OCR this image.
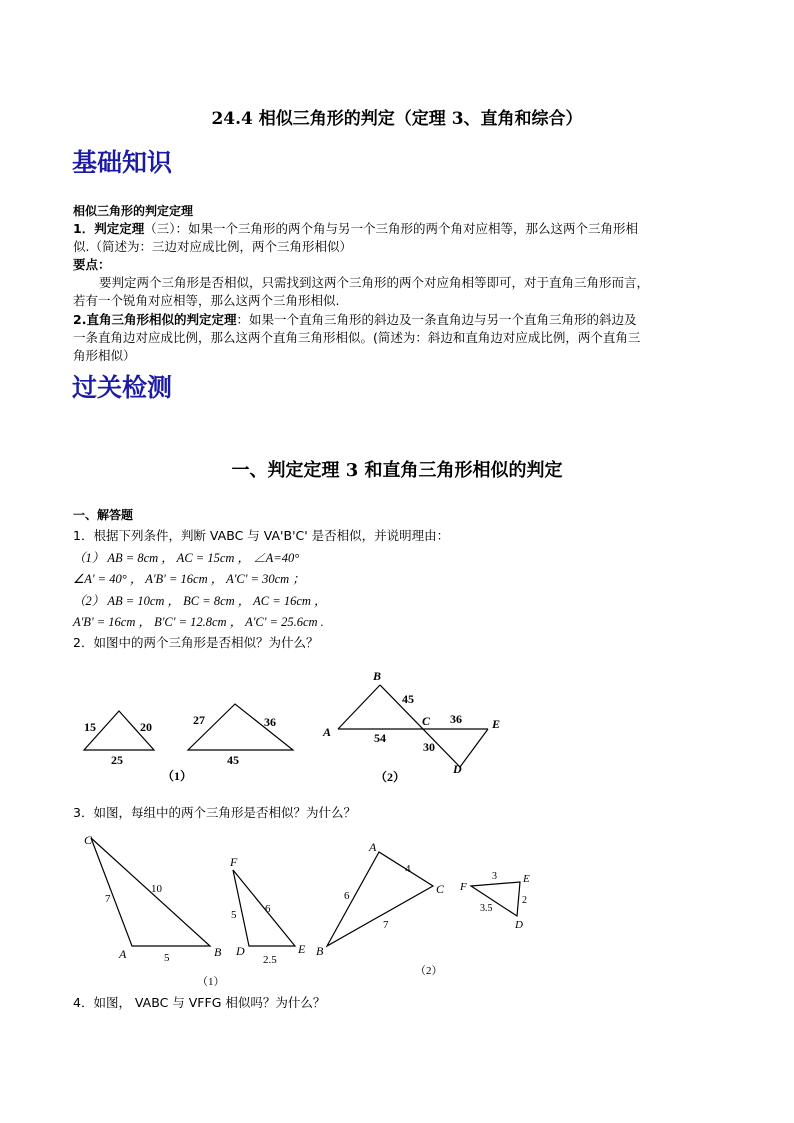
24.4 相似三角形的判定（定理 3、直角和综合）
基础知识
相似三角形的判定定理
1．判定定理（三）：如果一个三角形的两个角与另一个三角形的两个角对应相等，那么这两个三角形相
似.（简述为：三边对应成比例，两个三角形相似）
要点：
要判定两个三角形是否相似，只需找到这两个三角形的两个对应角相等即可，对于直角三角形而言，
若有一个锐角对应相等，那么这两个三角形相似.
2.直角三角形相似的判定定理：如果一个直角三角形的斜边及一条直角边与另一个直角三角形的斜边及
一条直角边对应成比例，那么这两个直角三角形相似。(简述为：斜边和直角边对应成比例，两个直角三
角形相似）
过关检测
一、判定定理 3 和直角三角形相似的判定
一、解答题
1．根据下列条件，判断 VABC 与 VA'B'C' 是否相似，并说明理由：
（1） AB = 8cm ， AC = 15cm ， ∠A=40°
∠A' = 40° ， A'B' = 16cm ， A'C' = 30cm ；
（2） AB = 10cm ， BC = 8cm ， AC = 16cm ，
A'B' = 16cm ， B'C' = 12.8cm ， A'C' = 25.6cm .
2．如图中的两个三角形是否相似？为什么？
15	20
25
27	36
45
（1）
B
A
C	E
D
45
54
36
30
（2）
3．如图，每组中的两个三角形是否相似？为什么？
C
A	B
7
10
5
F
D	E
5	6
2.5
（1）
A
B
C
6
4
7
F
E
D
3
3.5
2
（2）
4．如图， VABC 与 VFFG 相似吗？为什么？
